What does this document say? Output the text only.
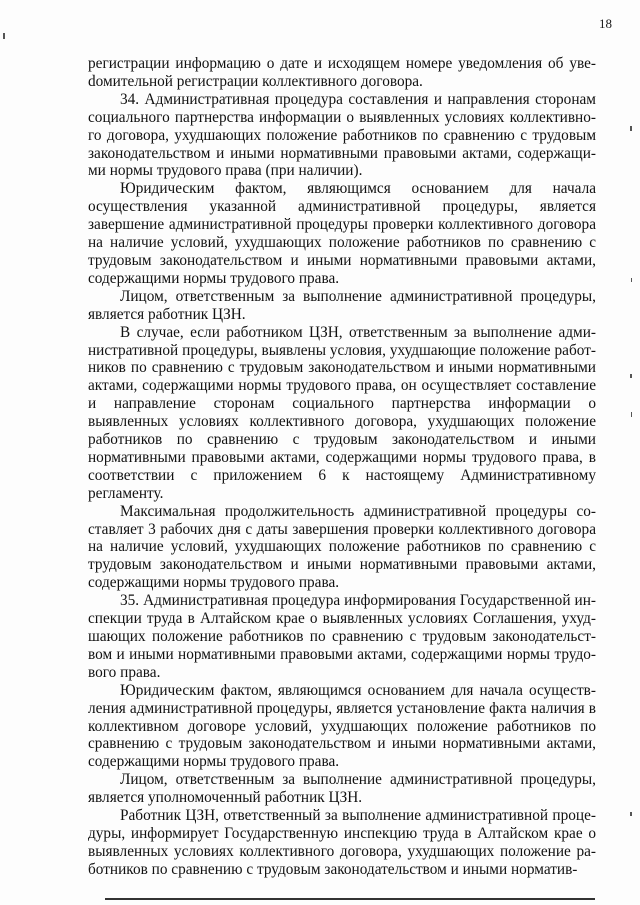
18

регистрации информацию о дате и исходящем номере уведомления об увеdомительной регистрации коллективного договора.

34. Административная процедура составления и направления сторонам социального партнерства информации о выявленных условиях коллективного договора, ухудшающих положение работников по сравнению с трудовым законодательством и иными нормативными правовыми актами, содержащими нормы трудового права (при наличии).

Юридическим фактом, являющимся основанием для начала осуществления указанной административной процедуры, является завершение административной процедуры проверки коллективного договора на наличие условий, ухудшающих положение работников по сравнению с трудовым законодательством и иными нормативными правовыми актами, содержащими нормы трудового права.

Лицом, ответственным за выполнение административной процедуры, является работник ЦЗН.

В случае, если работником ЦЗН, ответственным за выполнение административной процедуры, выявлены условия, ухудшающие положение работников по сравнению с трудовым законодательством и иными нормативными актами, содержащими нормы трудового права, он осуществляет составление и направление сторонам социального партнерства информации о выявленных условиях коллективного договора, ухудшающих положение работников по сравнению с трудовым законодательством и иными нормативными правовыми актами, содержащими нормы трудового права, в соответствии с приложением 6 к настоящему Административному регламенту.

Максимальная продолжительность административной процедуры составляет 3 рабочих дня с даты завершения проверки коллективного договора на наличие условий, ухудшающих положение работников по сравнению с трудовым законодательством и иными нормативными правовыми актами, содержащими нормы трудового права.

35. Административная процедура информирования Государственной инспекции труда в Алтайском крае о выявленных условиях Соглашения, ухудшающих положение работников по сравнению с трудовым законодательством и иными нормативными правовыми актами, содержащими нормы трудового права.

Юридическим фактом, являющимся основанием для начала осуществления административной процедуры, является установление факта наличия в коллективном договоре условий, ухудшающих положение работников по сравнению с трудовым законодательством и иными нормативными актами, содержащими нормы трудового права.

Лицом, ответственным за выполнение административной процедуры, является уполномоченный работник ЦЗН.

Работник ЦЗН, ответственный за выполнение административной процедуры, информирует Государственную инспекцию труда в Алтайском крае о выявленных условиях коллективного договора, ухудшающих положение работников по сравнению с трудовым законодательством и иными норматив-
